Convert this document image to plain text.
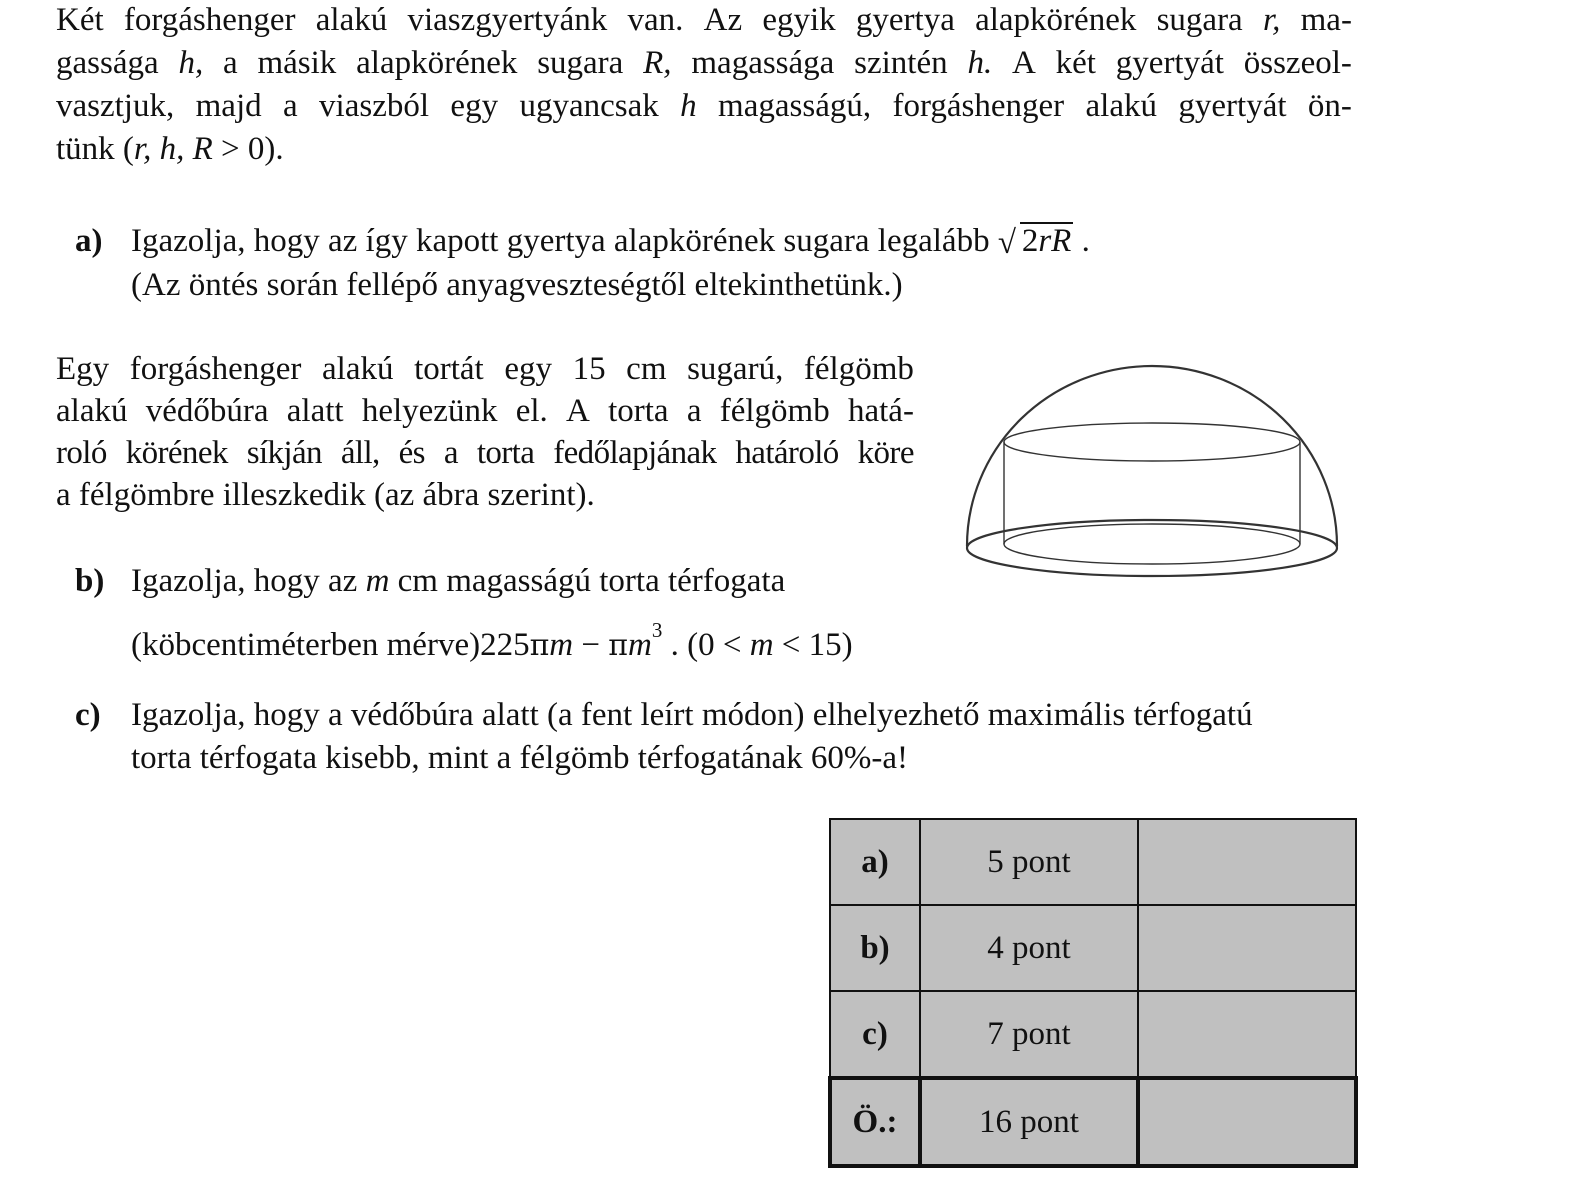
Két forgáshenger alakú viaszgyertyánk van. Az egyik gyertya alapkörének sugara r, ma-
gassága h, a másik alapkörének sugara R, magassága szintén h. A két gyertyát összeol-
vasztjuk, majd a viaszból egy ugyancsak h magasságú, forgáshenger alakú gyertyát ön-
tünk (r, h, R > 0).
a) Igazolja, hogy az így kapott gyertya alapkörének sugara legalább √ 2rR .
(Az öntés során fellépő anyagveszteségtől eltekinthetünk.)
Egy forgáshenger alakú tortát egy 15 cm sugarú, félgömb
alakú védőbúra alatt helyezünk el. A torta a félgömb hatá-
roló körének síkján áll, és a torta fedőlapjának határoló köre
a félgömbre illeszkedik (az ábra szerint).
b) Igazolja, hogy az m cm magasságú torta térfogata
(köbcentiméterben mérve)225πm − $\pi m^3$ . (0 < m < 15)
c) Igazolja, hogy a védőbúra alatt (a fent leírt módon) elhelyezhető maximális térfogatú
torta térfogata kisebb, mint a félgömb térfogatának 60%-a!
a)	5 pont	
b)	4 pont	
c)	7 pont	
Ö.:	16 pont	
